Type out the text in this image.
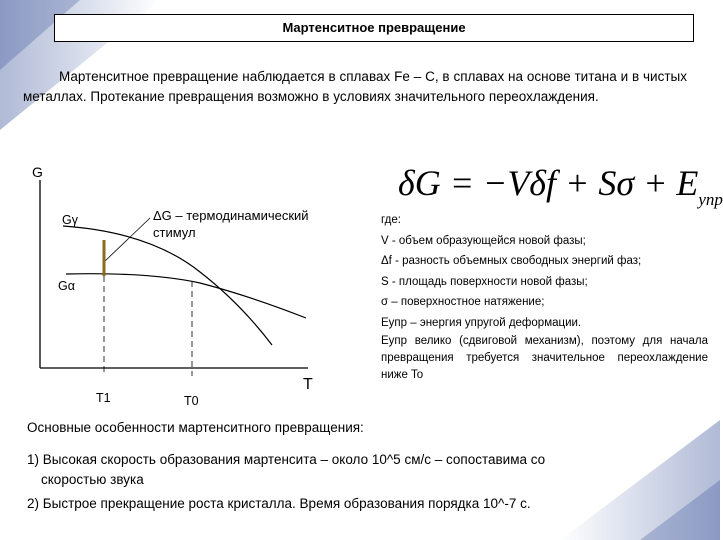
Мартенситное превращение
Мартенситное превращение наблюдается в сплавах Fe – C, в сплавах на основе титана и в чистых металлах. Протекание превращения возможно в условиях значительного переохлаждения.
G
T
Gγ
Gα
ΔG – термодинамический
стимул
T1	T0
$\delta G = -V\delta f + S\sigma + E_{упр}$
где:
V - объем образующейся новой фазы;
Δf - разность объемных свободных энергий фаз;
S - площадь поверхности новой фазы;
σ – поверхностное натяжение;
Eупр – энергия упругой деформации.
Eупр велико (сдвиговой механизм), поэтому для начала превращения требуется значительное переохлаждение ниже To
Основные особенности мартенситного превращения:
1) Высокая скорость образования мартенсита – около 10^5 см/с – сопоставима со
скоростью звука
2) Быстрое прекращение роста кристалла. Время образования порядка 10^-7 с.
